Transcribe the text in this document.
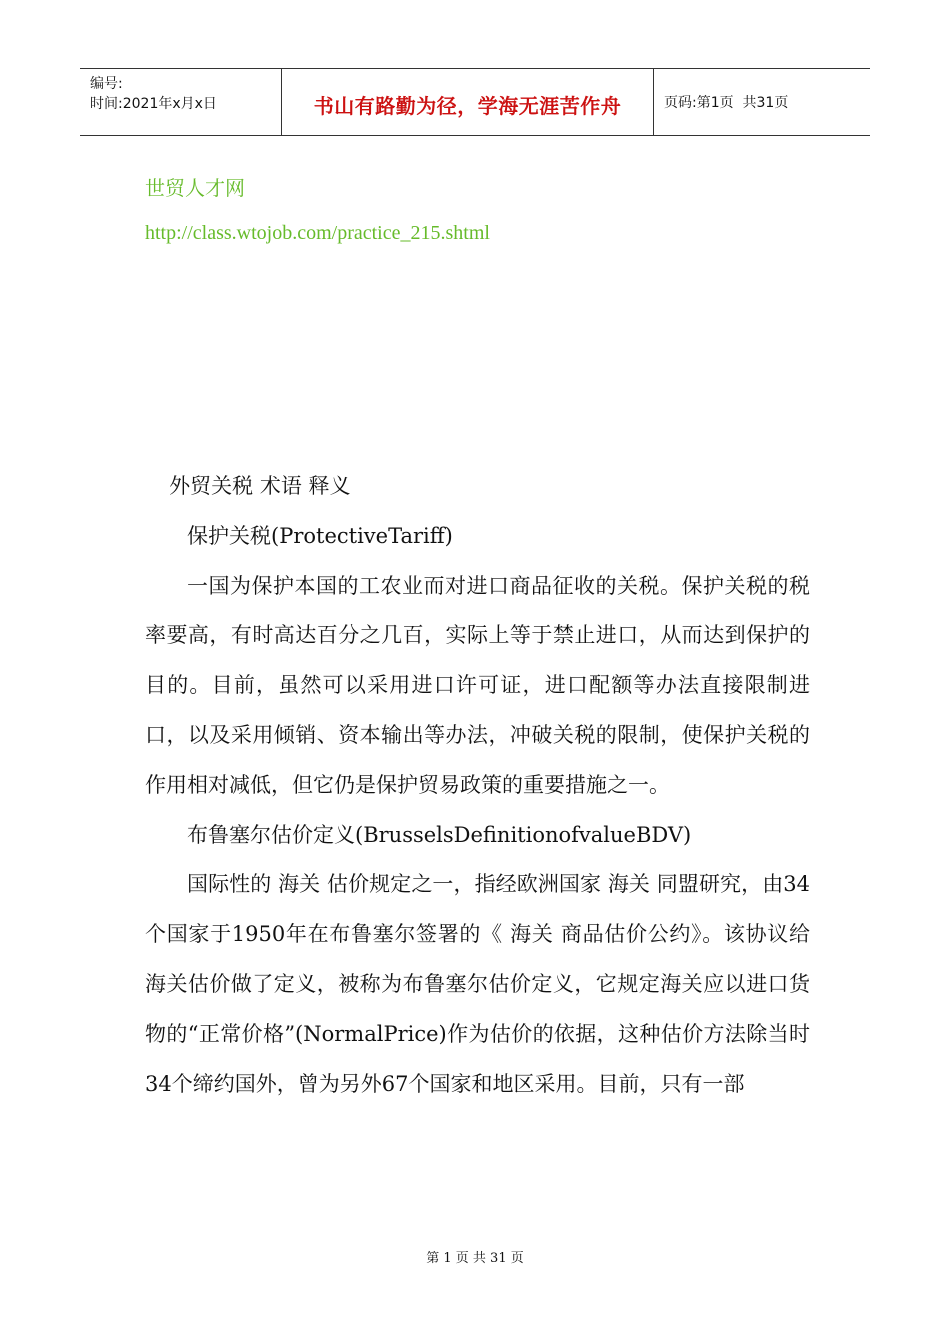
编号:
时间:2021年x月x日	书山有路勤为径，学海无涯苦作舟	页码:第1页  共31页
世贸人才网
http://class.wtojob.com/practice_215.shtml

外贸关税 术语 释义

保护关税(ProtectiveTariff)

一国为保护本国的工农业而对进口商品征收的关税。保护关税的税率要高，有时高达百分之几百，实际上等于禁止进口，从而达到保护的目的。目前，虽然可以采用进口许可证，进口配额等办法直接限制进口，以及采用倾销、资本输出等办法，冲破关税的限制，使保护关税的作用相对减低，但它仍是保护贸易政策的重要措施之一。

布鲁塞尔估价定义(BrusselsDefinitionofvalueBDV)

国际性的 海关 估价规定之一，指经欧洲国家 海关 同盟研究，由34个国家于1950年在布鲁塞尔签署的《 海关 商品估价公约》。该协议给海关估价做了定义，被称为布鲁塞尔估价定义，它规定海关应以进口货物的“正常价格”(NormalPrice)作为估价的依据，这种估价方法除当时34个缔约国外，曾为另外67个国家和地区采用。目前，只有一部

第 1 页 共 31 页
